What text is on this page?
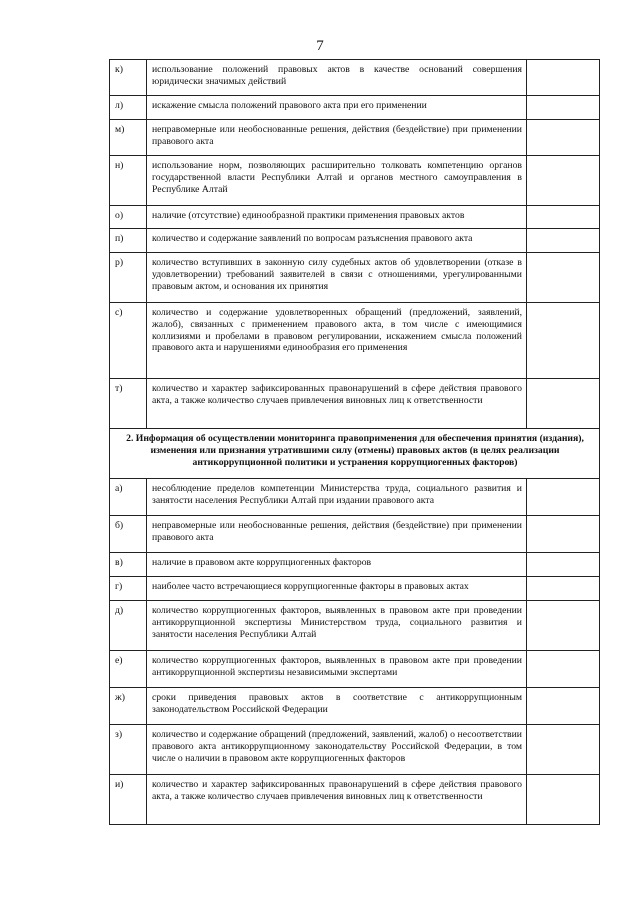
7
к)	использование положений правовых актов в качестве оснований совершения юридически значимых действий	
л)	искажение смысла положений правового акта при его применении	
м)	неправомерные или необоснованные решения, действия (бездействие) при применении правового акта	
н)	использование норм, позволяющих расширительно толковать компетенцию органов государственной власти Республики Алтай и органов местного самоуправления в Республике Алтай	
о)	наличие (отсутствие) единообразной практики применения правовых актов	
п)	количество и содержание заявлений по вопросам разъяснения правового акта	
р)	количество вступивших в законную силу судебных актов об удовлетворении (отказе в удовлетворении) требований заявителей в связи с отношениями, урегулированными правовым актом, и основания их принятия	
с)	количество и содержание удовлетворенных обращений (предложений, заявлений, жалоб), связанных с применением правового акта, в том числе с имеющимися коллизиями и пробелами в правовом регулировании, искажением смысла положений правового акта и нарушениями единообразия его применения	
т)	количество и характер зафиксированных правонарушений в сфере действия правового акта, а также количество случаев привлечения виновных лиц к ответственности	
2. Информация об осуществлении мониторинга правоприменения для обеспечения принятия (издания), изменения или признания утратившими силу (отмены) правовых актов (в целях реализации антикоррупционной политики и устранения коррупциогенных факторов)		
а)	несоблюдение пределов компетенции Министерства труда, социального развития и занятости населения Республики Алтай при издании правового акта	
б)	неправомерные или необоснованные решения, действия (бездействие) при применении правового акта	
в)	наличие в правовом акте коррупциогенных факторов	
г)	наиболее часто встречающиеся коррупциогенные факторы в правовых актах	
д)	количество коррупциогенных факторов, выявленных в правовом акте при проведении антикоррупционной экспертизы Министерством труда, социального развития и занятости населения Республики Алтай	
е)	количество коррупциогенных факторов, выявленных в правовом акте при проведении антикоррупционной экспертизы независимыми экспертами	
ж)	сроки приведения правовых актов в соответствие с антикоррупционным законодательством Российской Федерации	
з)	количество и содержание обращений (предложений, заявлений, жалоб) о несоответствии правового акта антикоррупционному законодательству Российской Федерации, в том числе о наличии в правовом акте коррупциогенных факторов	
и)	количество и характер зафиксированных правонарушений в сфере действия правового акта, а также количество случаев привлечения виновных лиц к ответственности	
